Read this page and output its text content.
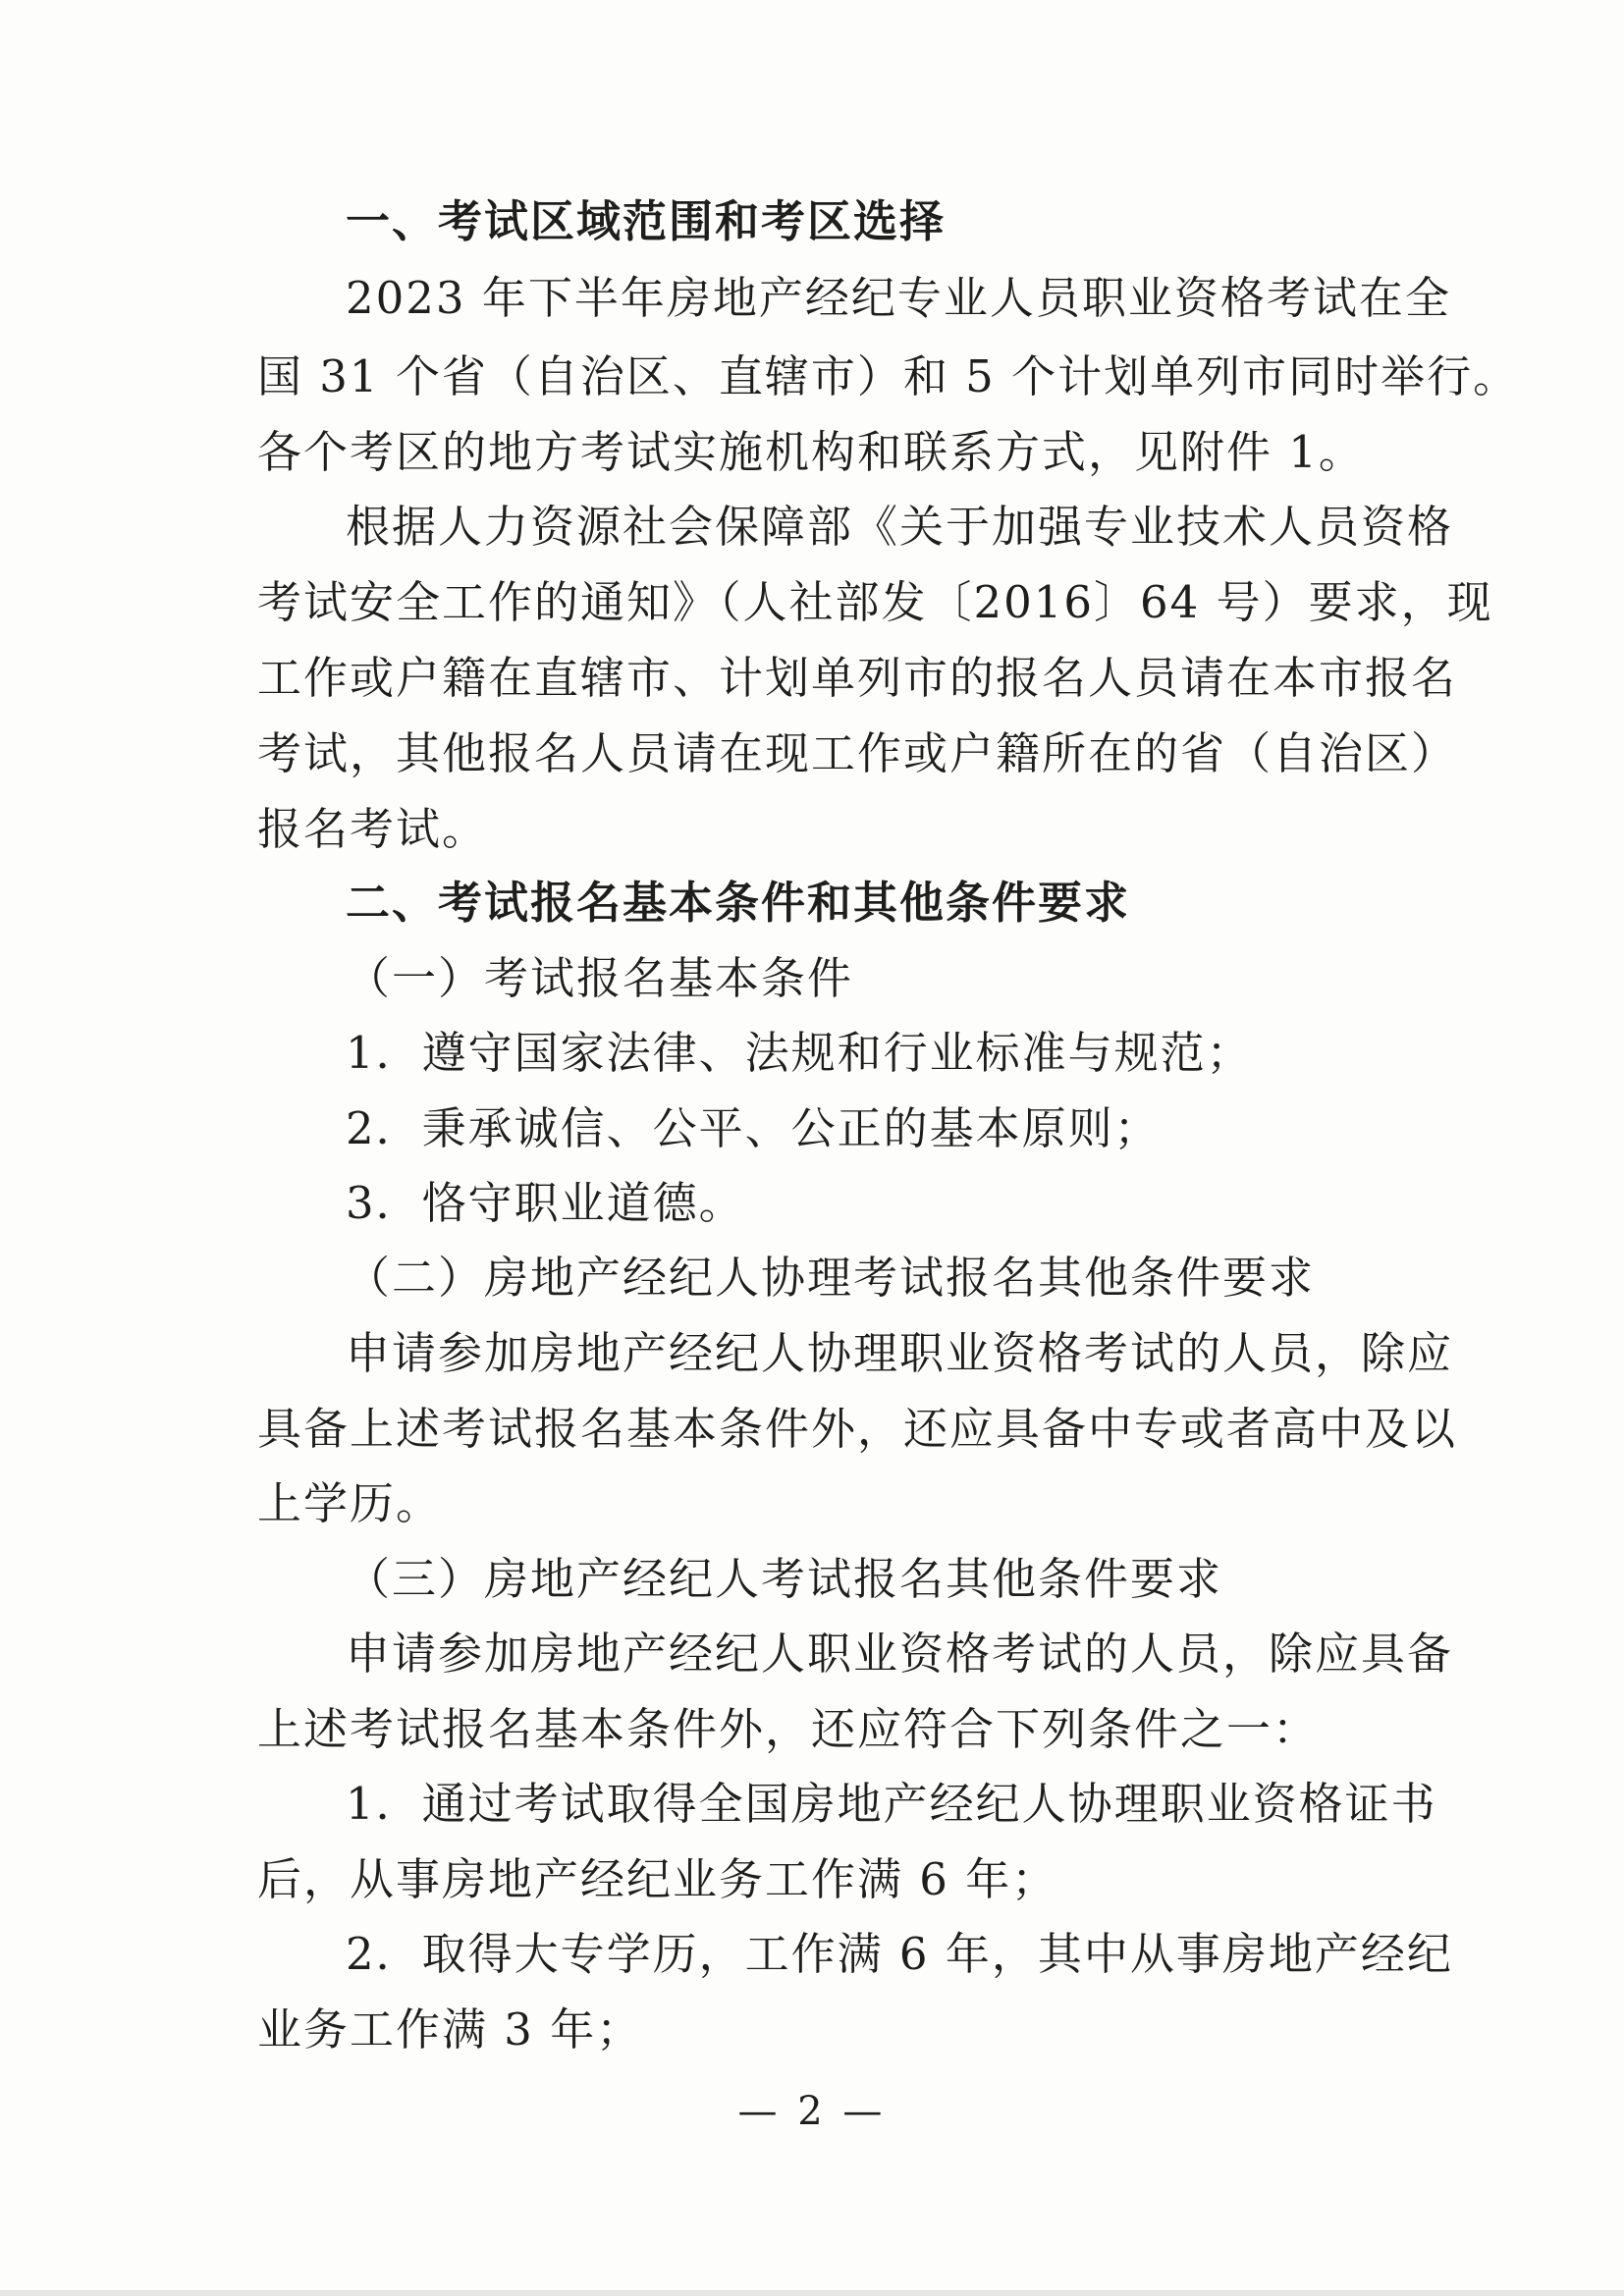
一、考试区域范围和考区选择
2023 年下半年房地产经纪专业人员职业资格考试在全
国 31 个省（自治区、直辖市）和 5 个计划单列市同时举行。
各个考区的地方考试实施机构和联系方式，见附件 1。
根据人力资源社会保障部《关于加强专业技术人员资格
考试安全工作的通知》（人社部发〔2016〕64 号）要求，现
工作或户籍在直辖市、计划单列市的报名人员请在本市报名
考试，其他报名人员请在现工作或户籍所在的省（自治区）
报名考试。
二、考试报名基本条件和其他条件要求
（一）考试报名基本条件
1．遵守国家法律、法规和行业标准与规范；
2．秉承诚信、公平、公正的基本原则；
3．恪守职业道德。
（二）房地产经纪人协理考试报名其他条件要求
申请参加房地产经纪人协理职业资格考试的人员，除应
具备上述考试报名基本条件外，还应具备中专或者高中及以
上学历。
（三）房地产经纪人考试报名其他条件要求
申请参加房地产经纪人职业资格考试的人员，除应具备
上述考试报名基本条件外，还应符合下列条件之一：
1．通过考试取得全国房地产经纪人协理职业资格证书
后，从事房地产经纪业务工作满 6 年；
2．取得大专学历，工作满 6 年，其中从事房地产经纪
业务工作满 3 年；
— 2 —
